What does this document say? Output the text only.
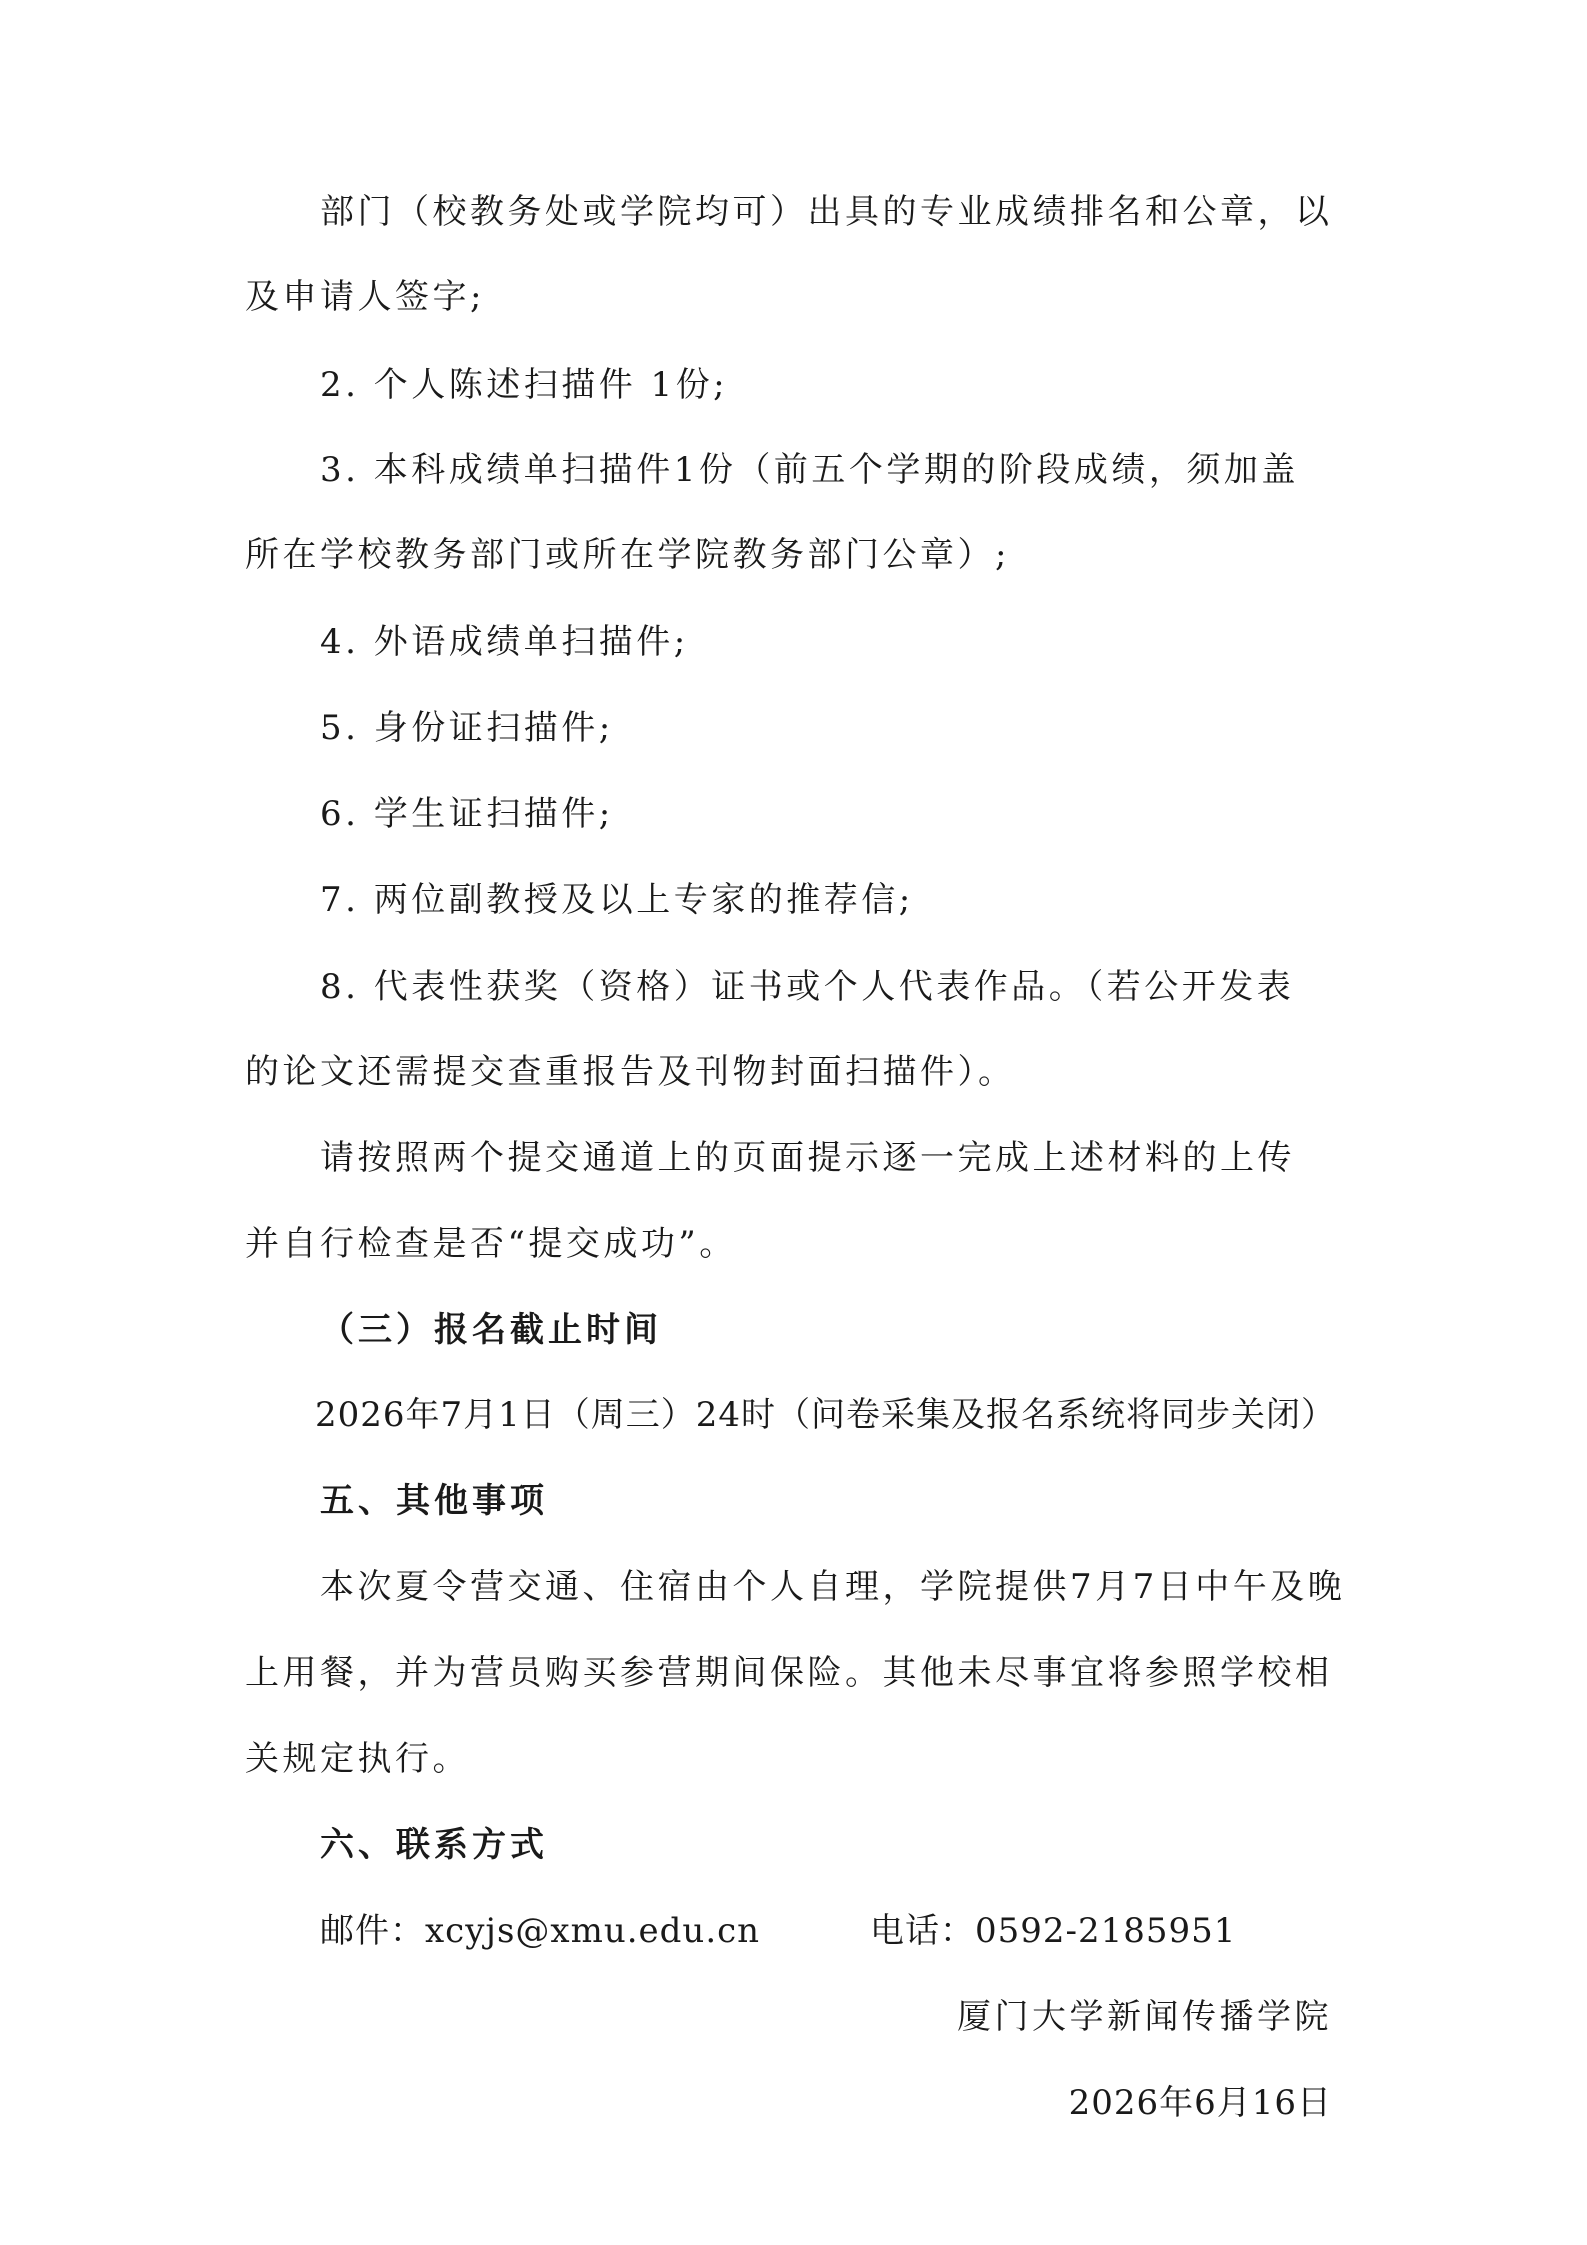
部门（校教务处或学院均可）出具的专业成绩排名和公章，以
及申请人签字;
2. 个人陈述扫描件 1份;
3. 本科成绩单扫描件1份（前五个学期的阶段成绩，须加盖
所在学校教务部门或所在学院教务部门公章）;
4. 外语成绩单扫描件;
5. 身份证扫描件;
6. 学生证扫描件;
7. 两位副教授及以上专家的推荐信;
8. 代表性获奖（资格）证书或个人代表作品。（若公开发表
的论文还需提交查重报告及刊物封面扫描件）。
请按照两个提交通道上的页面提示逐一完成上述材料的上传
并自行检查是否“提交成功”。
（三）报名截止时间
2026年7月1日（周三）24时（问卷采集及报名系统将同步关闭）
五、其他事项
本次夏令营交通、住宿由个人自理，学院提供7月7日中午及晚
上用餐，并为营员购买参营期间保险。其他未尽事宜将参照学校相
关规定执行。
六、联系方式
邮件：xcyjs@xmu.edu.cn	电话：0592-2185951
厦门大学新闻传播学院
2026年6月16日
